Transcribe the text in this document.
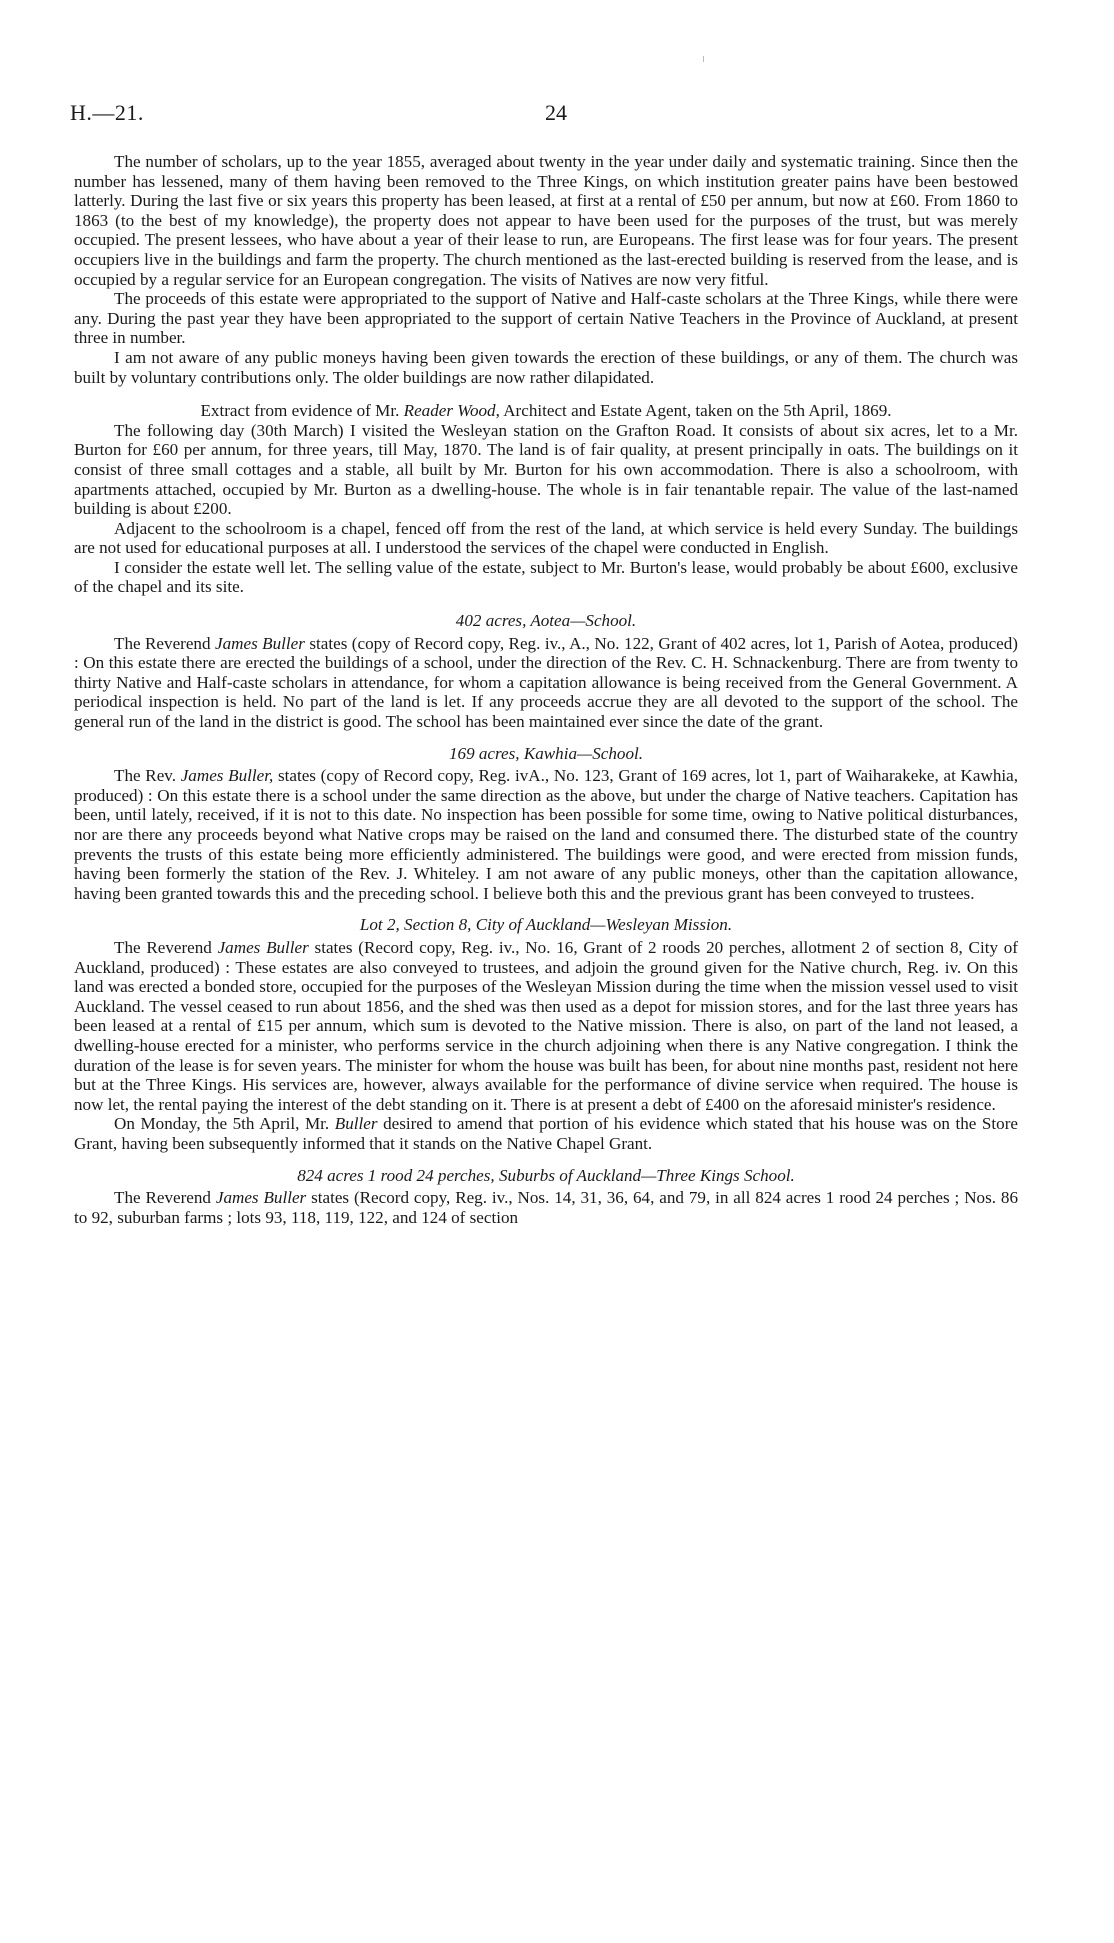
H.—21.	24

The number of scholars, up to the year 1855, averaged about twenty in the year under daily and systematic training. Since then the number has lessened, many of them having been removed to the Three Kings, on which institution greater pains have been bestowed latterly. During the last five or six years this property has been leased, at first at a rental of £50 per annum, but now at £60. From 1860 to 1863 (to the best of my knowledge), the property does not appear to have been used for the purposes of the trust, but was merely occupied. The present lessees, who have about a year of their lease to run, are Europeans. The first lease was for four years. The present occupiers live in the buildings and farm the property. The church mentioned as the last-erected building is reserved from the lease, and is occupied by a regular service for an European congregation. The visits of Natives are now very fitful.

The proceeds of this estate were appropriated to the support of Native and Half-caste scholars at the Three Kings, while there were any. During the past year they have been appropriated to the support of certain Native Teachers in the Province of Auckland, at present three in number.

I am not aware of any public moneys having been given towards the erection of these buildings, or any of them. The church was built by voluntary contributions only. The older buildings are now rather dilapidated.

Extract from evidence of Mr. Reader Wood, Architect and Estate Agent, taken on the 5th April, 1869.

The following day (30th March) I visited the Wesleyan station on the Grafton Road. It consists of about six acres, let to a Mr. Burton for £60 per annum, for three years, till May, 1870. The land is of fair quality, at present principally in oats. The buildings on it consist of three small cottages and a stable, all built by Mr. Burton for his own accommodation. There is also a schoolroom, with apartments attached, occupied by Mr. Burton as a dwelling-house. The whole is in fair tenantable repair. The value of the last-named building is about £200.

Adjacent to the schoolroom is a chapel, fenced off from the rest of the land, at which service is held every Sunday. The buildings are not used for educational purposes at all. I understood the services of the chapel were conducted in English.

I consider the estate well let. The selling value of the estate, subject to Mr. Burton's lease, would probably be about £600, exclusive of the chapel and its site.

402 acres, Aotea—School.

The Reverend James Buller states (copy of Record copy, Reg. iv., A., No. 122, Grant of 402 acres, lot 1, Parish of Aotea, produced) : On this estate there are erected the buildings of a school, under the direction of the Rev. C. H. Schnackenburg. There are from twenty to thirty Native and Half-caste scholars in attendance, for whom a capitation allowance is being received from the General Government. A periodical inspection is held. No part of the land is let. If any proceeds accrue they are all devoted to the support of the school. The general run of the land in the district is good. The school has been maintained ever since the date of the grant.

169 acres, Kawhia—School.

The Rev. James Buller, states (copy of Record copy, Reg. ivA., No. 123, Grant of 169 acres, lot 1, part of Waiharakeke, at Kawhia, produced) : On this estate there is a school under the same direction as the above, but under the charge of Native teachers. Capitation has been, until lately, received, if it is not to this date. No inspection has been possible for some time, owing to Native political disturbances, nor are there any proceeds beyond what Native crops may be raised on the land and consumed there. The disturbed state of the country prevents the trusts of this estate being more efficiently administered. The buildings were good, and were erected from mission funds, having been formerly the station of the Rev. J. Whiteley. I am not aware of any public moneys, other than the capitation allowance, having been granted towards this and the preceding school. I believe both this and the previous grant has been conveyed to trustees.

Lot 2, Section 8, City of Auckland—Wesleyan Mission.

The Reverend James Buller states (Record copy, Reg. iv., No. 16, Grant of 2 roods 20 perches, allotment 2 of section 8, City of Auckland, produced) : These estates are also conveyed to trustees, and adjoin the ground given for the Native church, Reg. iv. On this land was erected a bonded store, occupied for the purposes of the Wesleyan Mission during the time when the mission vessel used to visit Auckland. The vessel ceased to run about 1856, and the shed was then used as a depot for mission stores, and for the last three years has been leased at a rental of £15 per annum, which sum is devoted to the Native mission. There is also, on part of the land not leased, a dwelling-house erected for a minister, who performs service in the church adjoining when there is any Native congregation. I think the duration of the lease is for seven years. The minister for whom the house was built has been, for about nine months past, resident not here but at the Three Kings. His services are, however, always available for the performance of divine service when required. The house is now let, the rental paying the interest of the debt standing on it. There is at present a debt of £400 on the aforesaid minister's residence.

On Monday, the 5th April, Mr. Buller desired to amend that portion of his evidence which stated that his house was on the Store Grant, having been subsequently informed that it stands on the Native Chapel Grant.

824 acres 1 rood 24 perches, Suburbs of Auckland—Three Kings School.

The Reverend James Buller states (Record copy, Reg. iv., Nos. 14, 31, 36, 64, and 79, in all 824 acres 1 rood 24 perches ; Nos. 86 to 92, suburban farms ; lots 93, 118, 119, 122, and 124 of section
